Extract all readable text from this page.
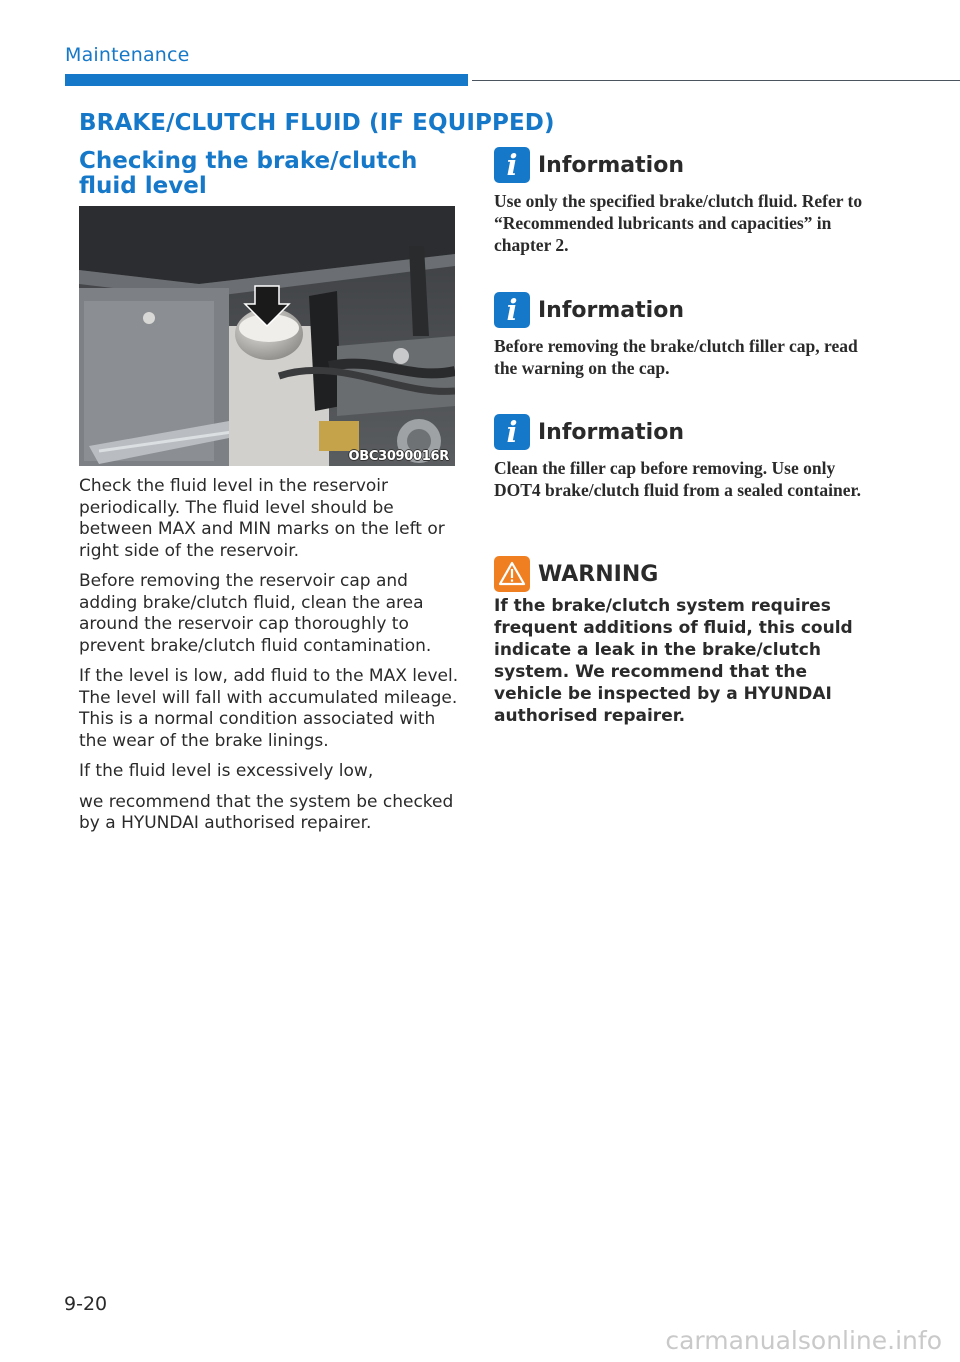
Maintenance
BRAKE/CLUTCH FLUID (IF EQUIPPED)
Checking the brake/clutch fluid level
OBC3090016R

Check the fluid level in the reservoir periodically. The fluid level should be between MAX and MIN marks on the left or right side of the reservoir.

Before removing the reservoir cap and adding brake/clutch fluid, clean the area around the reservoir cap thoroughly to prevent brake/clutch fluid contamination.

If the level is low, add fluid to the MAX level. The level will fall with accumulated mileage. This is a normal condition associated with the wear of the brake linings.

If the fluid level is excessively low,

we recommend that the system be checked by a HYUNDAI authorised repairer.

i Information
Use only the specified brake/clutch fluid. Refer to “Recommended lubricants and capacities” in chapter 2.
i Information
Before removing the brake/clutch filler cap, read the warning on the cap.
i Information
Clean the filler cap before removing. Use only DOT4 brake/clutch fluid from a sealed container.
WARNING
If the brake/clutch system requires frequent additions of fluid, this could indicate a leak in the brake/clutch system. We recommend that the vehicle be inspected by a HYUNDAI authorised repairer.
9-20
carmanualsonline.info
